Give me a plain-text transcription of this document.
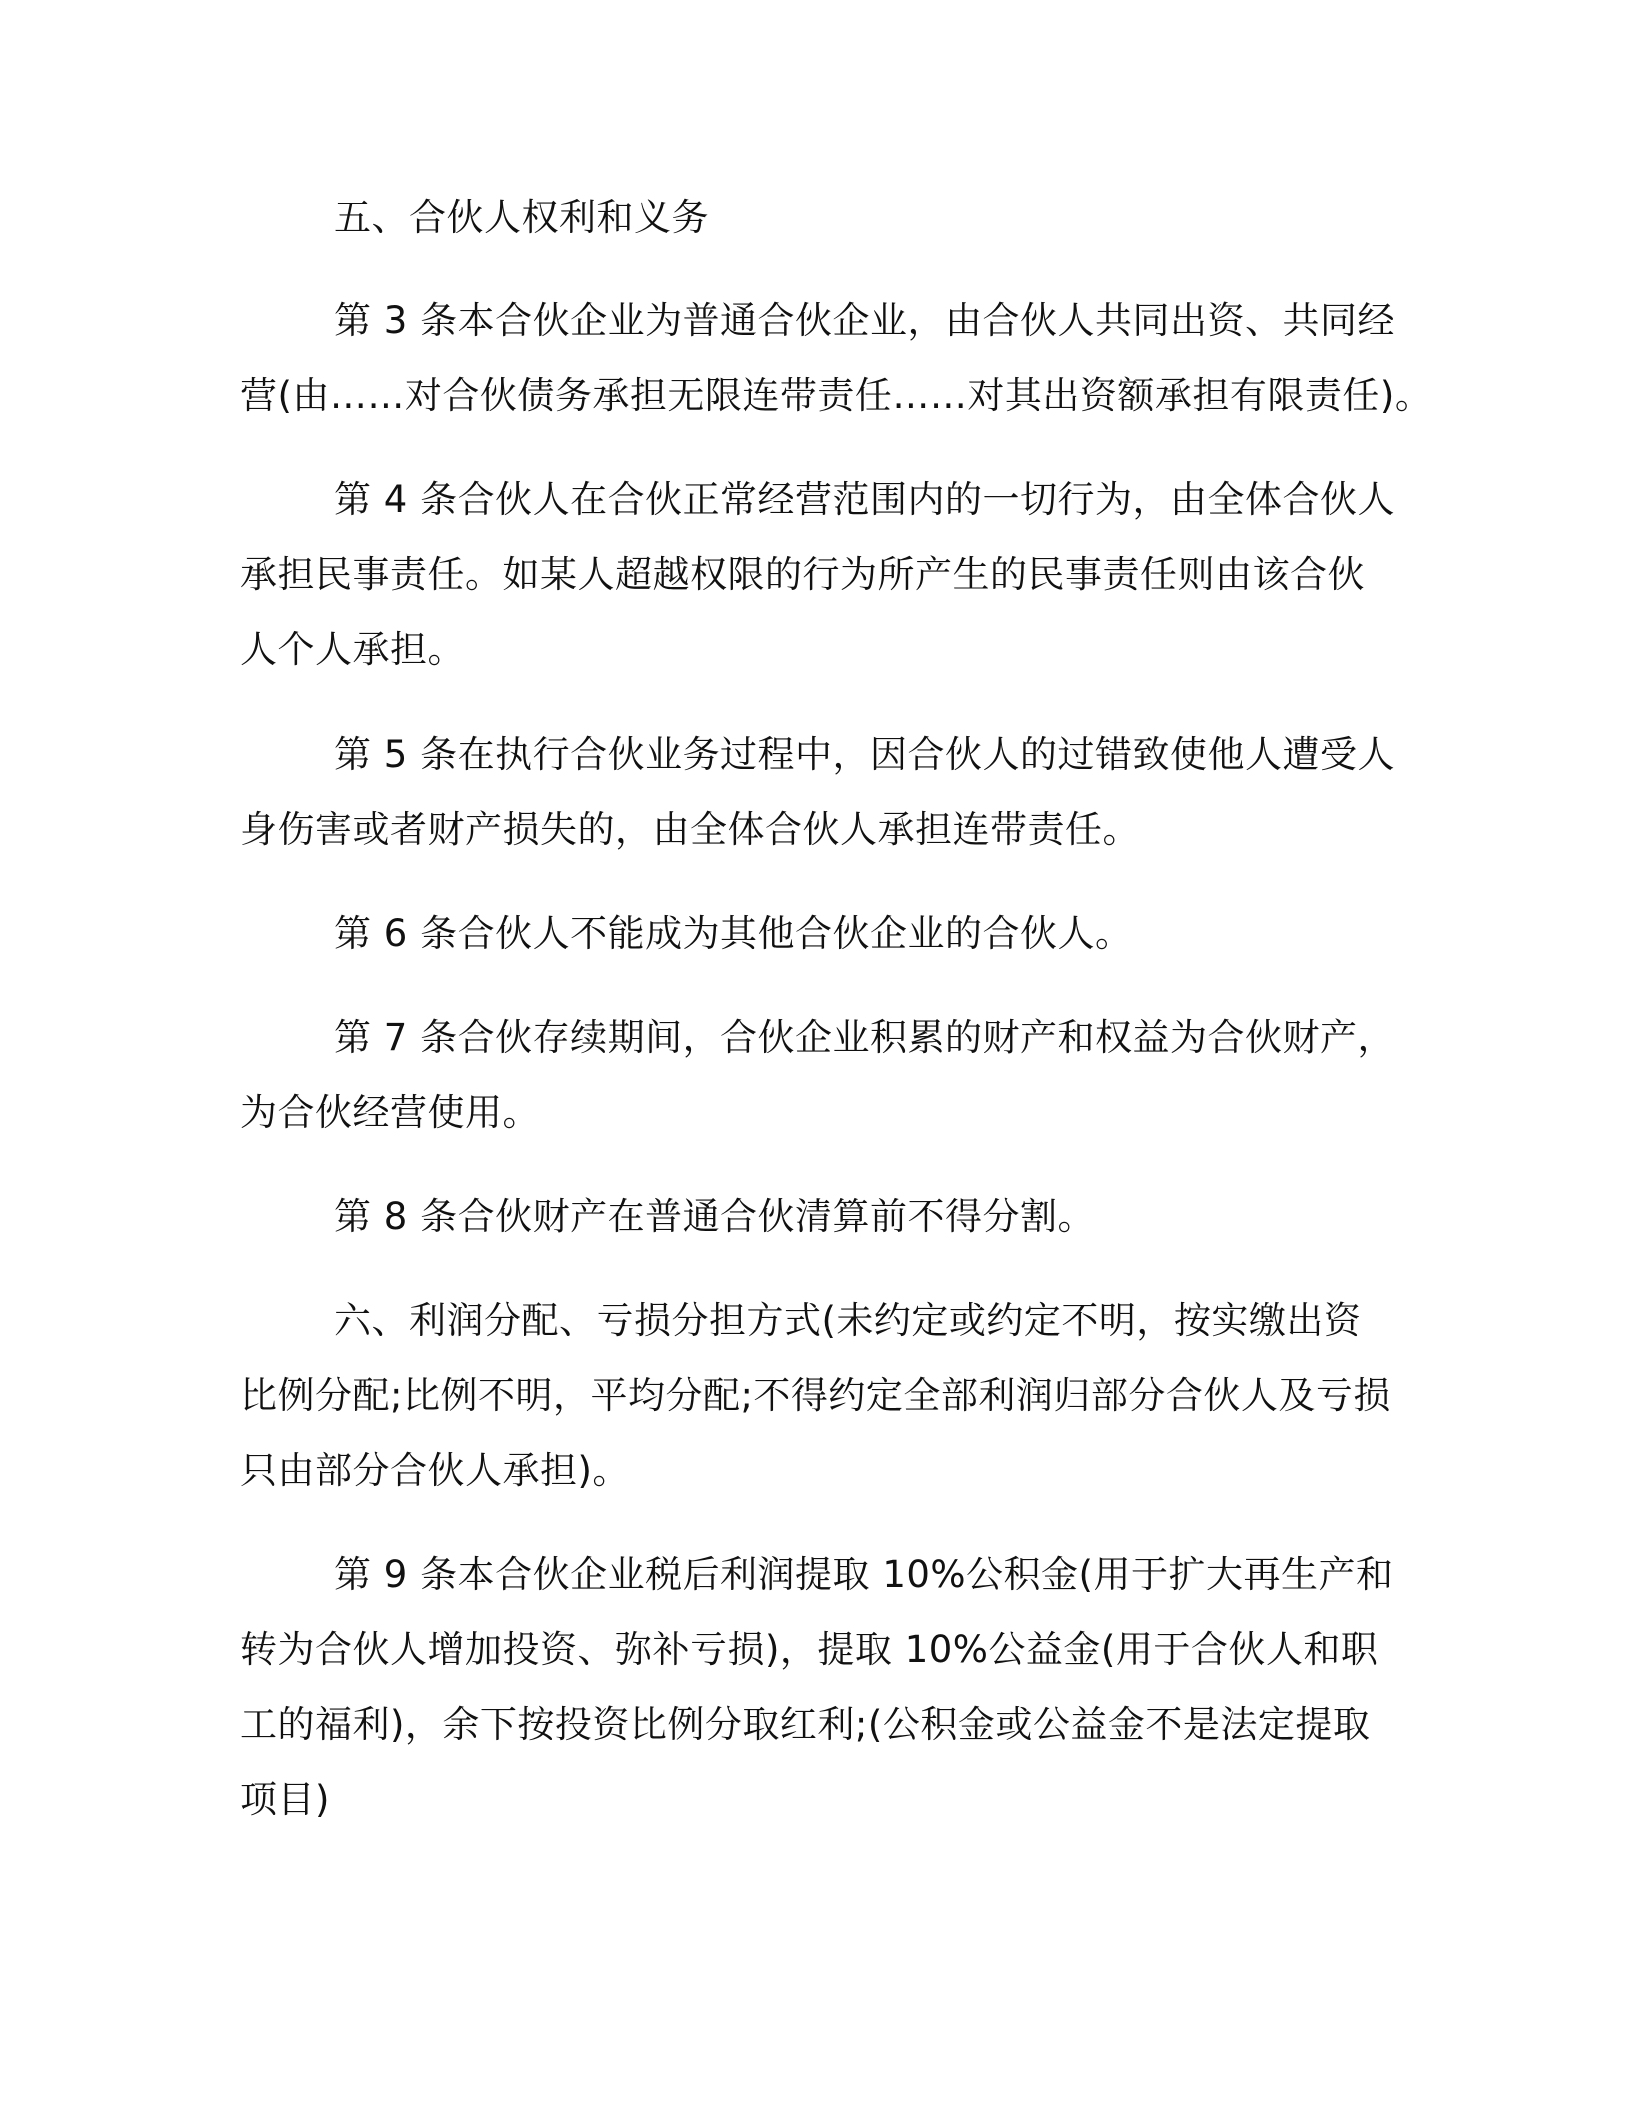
五、合伙人权利和义务

第 3 条本合伙企业为普通合伙企业，由合伙人共同出资、共同经

营(由……对合伙债务承担无限连带责任……对其出资额承担有限责任)。

第 4 条合伙人在合伙正常经营范围内的一切行为，由全体合伙人

承担民事责任。如某人超越权限的行为所产生的民事责任则由该合伙

人个人承担。

第 5 条在执行合伙业务过程中，因合伙人的过错致使他人遭受人

身伤害或者财产损失的，由全体合伙人承担连带责任。

第 6 条合伙人不能成为其他合伙企业的合伙人。

第 7 条合伙存续期间，合伙企业积累的财产和权益为合伙财产，

为合伙经营使用。

第 8 条合伙财产在普通合伙清算前不得分割。

六、利润分配、亏损分担方式(未约定或约定不明，按实缴出资

比例分配;比例不明，平均分配;不得约定全部利润归部分合伙人及亏损

只由部分合伙人承担)。

第 9 条本合伙企业税后利润提取 10%公积金(用于扩大再生产和

转为合伙人增加投资、弥补亏损)，提取 10%公益金(用于合伙人和职

工的福利)，余下按投资比例分取红利;(公积金或公益金不是法定提取

项目)
